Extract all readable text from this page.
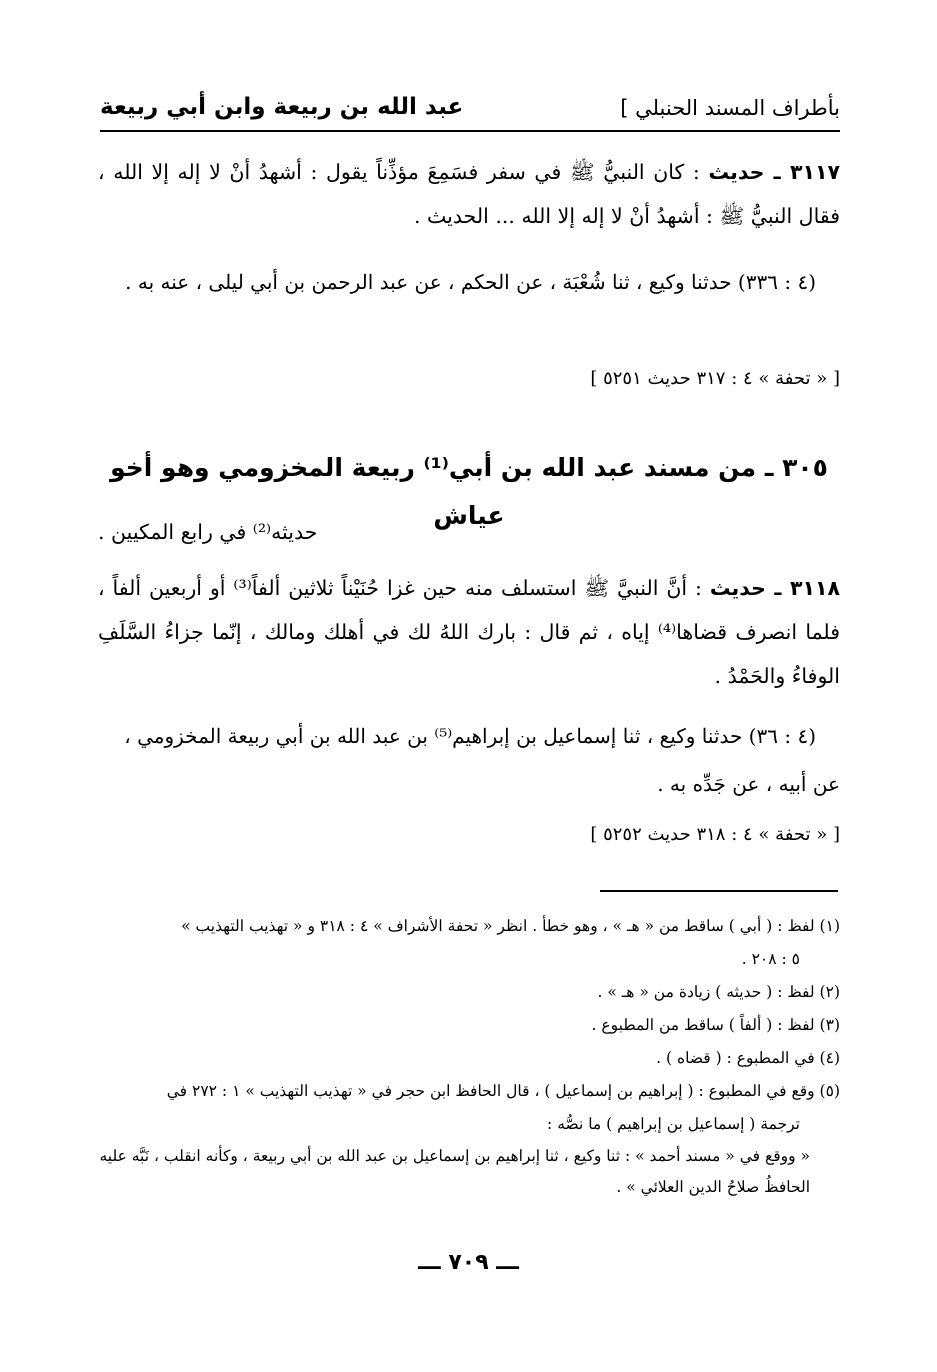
بأطراف المسند الحنبلي ]
عبد الله بن ربيعة وابن أبي ربيعة
٣١١٧ ـ حديث : كان النبيُّ ﷺ في سفر فسَمِعَ مؤذِّناً يقول : أشهدُ أنْ لا إله إلا الله ، فقال النبيُّ ﷺ : أشهدُ أنْ لا إله إلا الله ... الحديث .
(٤ : ٣٣٦) حدثنا وكيع ، ثنا شُعْبَة ، عن الحكم ، عن عبد الرحمن بن أبي ليلى ، عنه به .
[ « تحفة » ٤ : ٣١٧ حديث ٥٢٥١ ]
٣٠٥ ـ من مسند عبد الله بن أبي⁽¹⁾ ربيعة المخزومي وهو أخو عياش
حديثه⁽²⁾ في رابع المكيين .
٣١١٨ ـ حديث : أنَّ النبيَّ ﷺ استسلف منه حين غزا حُنَيْناً ثلاثين ألفاً⁽³⁾ أو أربعين ألفاً ، فلما انصرف قضاها⁽⁴⁾ إياه ، ثم قال : بارك اللهُ لك في أهلك ومالك ، إنّما جزاءُ السَّلَفِ الوفاءُ والحَمْدُ .
(٤ : ٣٦) حدثنا وكيع ، ثنا إسماعيل بن إبراهيم⁽⁵⁾ بن عبد الله بن أبي ربيعة المخزومي ، عن أبيه ، عن جَدِّه به .
[ « تحفة » ٤ : ٣١٨ حديث ٥٢٥٢ ]
(١) لفظ : ( أبي ) ساقط من « هـ » ، وهو خطأ . انظر « تحفة الأشراف » ٤ : ٣١٨ و « تهذيب التهذيب »
٥ : ٢٠٨ .
(٢) لفظ : ( حديثه ) زيادة من « هـ » .
(٣) لفظ : ( ألفاً ) ساقط من المطبوع .
(٤) في المطبوع : ( قضاه ) .
(٥) وقع في المطبوع : ( إبراهيم بن إسماعيل ) ، قال الحافظ ابن حجر في « تهذيب التهذيب » ١ : ٢٧٢ في
ترجمة ( إسماعيل بن إبراهيم ) ما نصُّه :
« ووقع في « مسند أحمد » : ثنا وكيع ، ثنا إبراهيم بن إسماعيل بن عبد الله بن أبي ربيعة ، وكأنه انقلب ، نَبَّه عليه الحافظُ صلاحُ الدين العلائي » .
ـــ ٧٠٩ ـــ
